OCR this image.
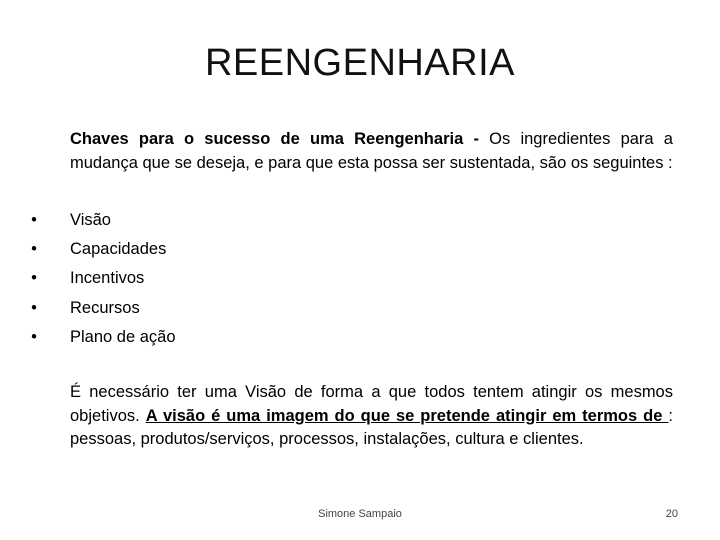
REENGENHARIA

Chaves para o sucesso de uma Reengenharia - Os ingredientes para a mudança que se deseja, e para que esta possa ser sustentada, são os seguintes :

• Visão
• Capacidades
• Incentivos
• Recursos
• Plano de ação

É necessário ter uma Visão de forma a que todos tentem atingir os mesmos objetivos. A visão é uma imagem do que se pretende atingir em termos de : pessoas, produtos/serviços, processos, instalações, cultura e clientes.

Simone Sampaio	20
